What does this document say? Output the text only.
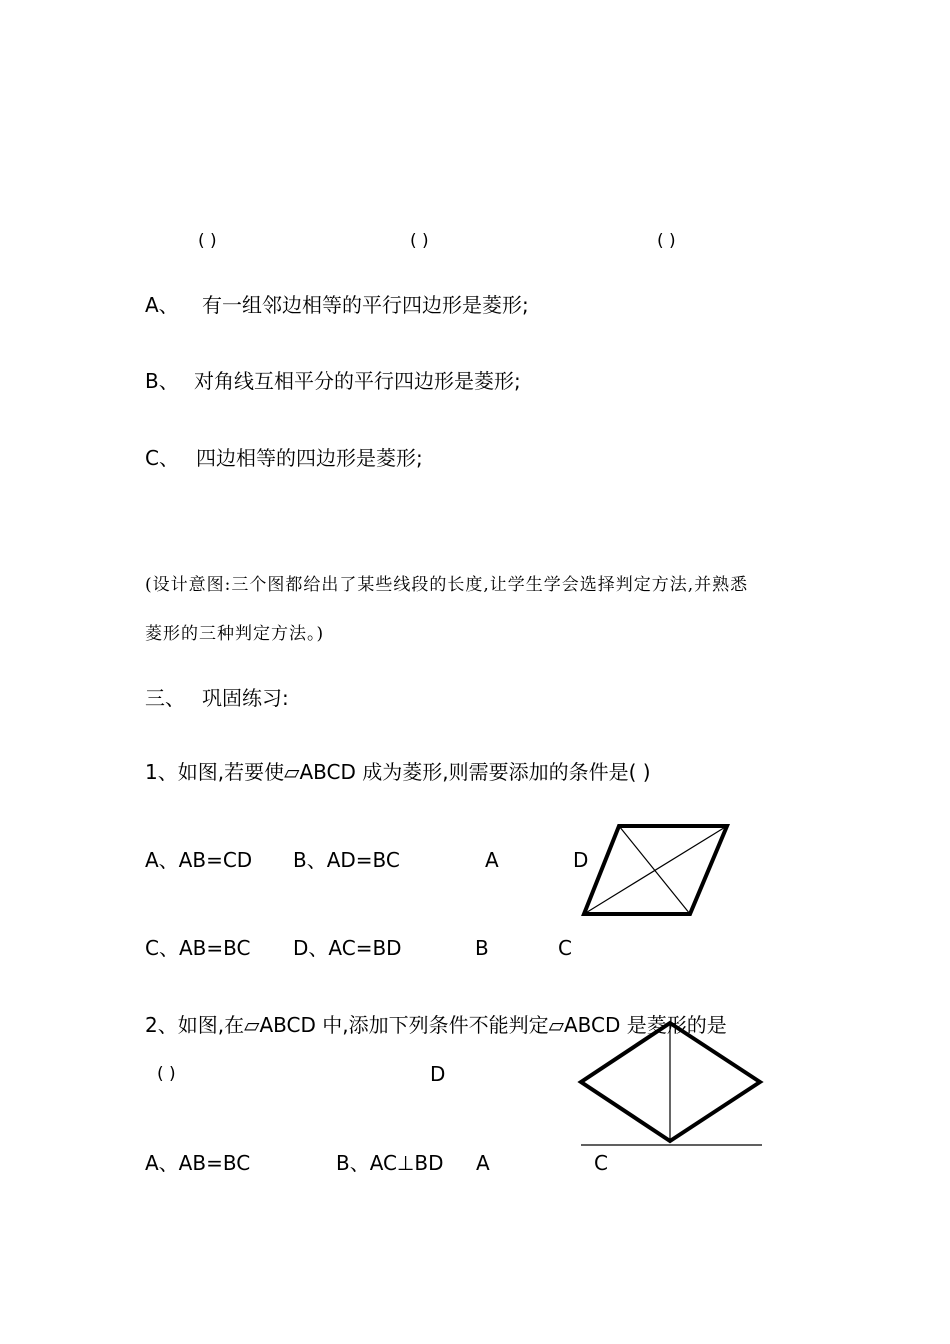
( )	( )	( )
A、 有一组邻边相等的平行四边形是菱形;
B、 对角线互相平分的平行四边形是菱形;
C、 四边相等的四边形是菱形;
(设计意图:三个图都给出了某些线段的长度,让学生学会选择判定方法,并熟悉
菱形的三种判定方法。)
三、 巩固练习:
1、如图,若要使▱ABCD 成为菱形,则需要添加的条件是( )
A、AB=CD B、AD=BC	A	D
C、AB=BC D、AC=BD	B	C
2、如图,在▱ABCD 中,添加下列条件不能判定▱ABCD 是菱形的是
( )	D
A、AB=BC	B、AC⊥BD A	C
